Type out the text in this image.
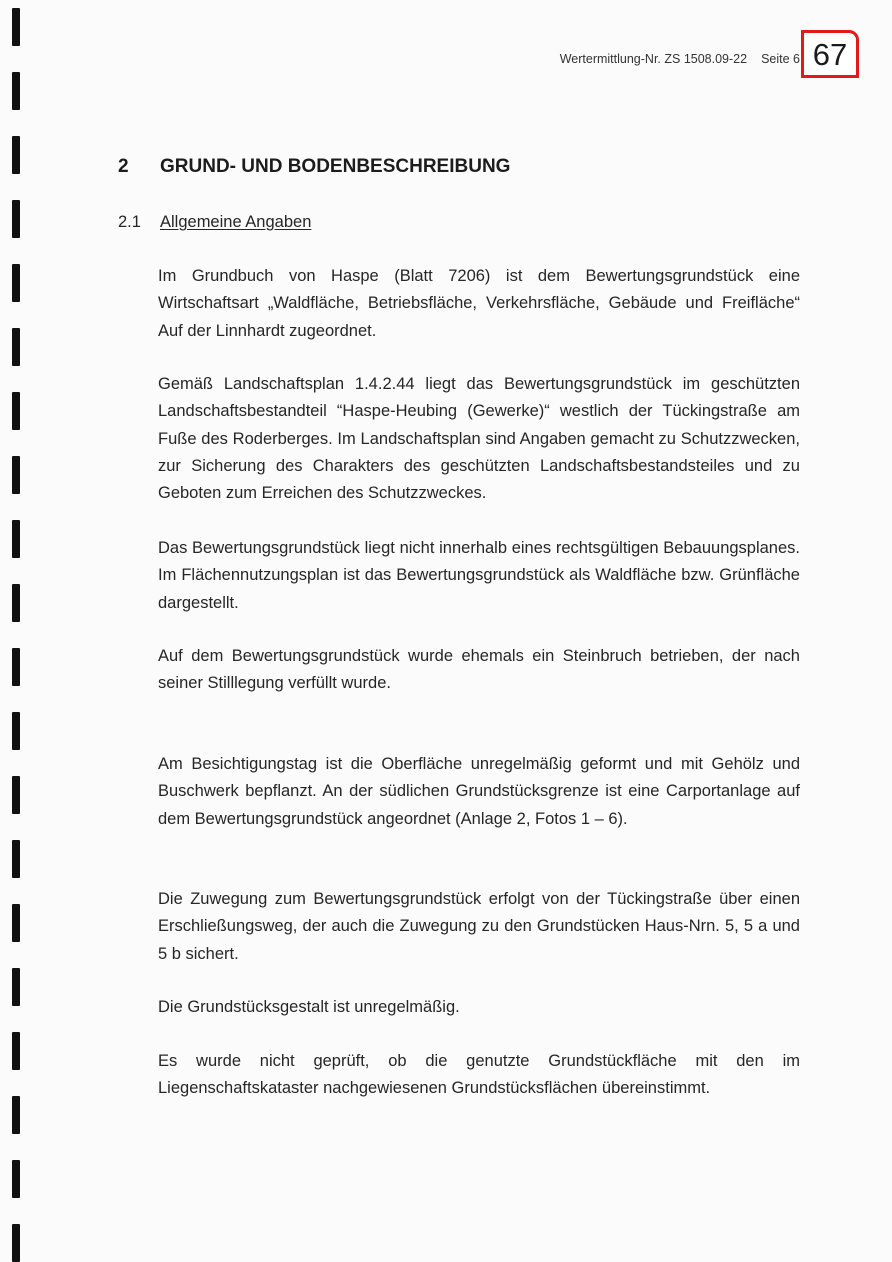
Wertermittlung-Nr. ZS 1508.09-22 Seite 6 67
2 GRUND- UND BODENBESCHREIBUNG
2.1 Allgemeine Angaben

Im Grundbuch von Haspe (Blatt 7206) ist dem Bewertungsgrundstück eine Wirtschaftsart „Waldfläche, Betriebsfläche, Verkehrsfläche, Gebäude und Freifläche“ Auf der Linnhardt zugeordnet.

Gemäß Landschaftsplan 1.4.2.44 liegt das Bewertungsgrundstück im geschützten Landschaftsbestandteil “Haspe-Heubing (Gewerke)“ westlich der Tückingstraße am Fuße des Roderberges. Im Landschaftsplan sind Angaben gemacht zu Schutzzwecken, zur Sicherung des Charakters des geschützten Landschaftsbestandsteiles und zu Geboten zum Erreichen des Schutzzweckes.

Das Bewertungsgrundstück liegt nicht innerhalb eines rechtsgültigen Bebauungsplanes. Im Flächennutzungsplan ist das Bewertungsgrundstück als Waldfläche bzw. Grünfläche dargestellt.

Auf dem Bewertungsgrundstück wurde ehemals ein Steinbruch betrieben, der nach seiner Stilllegung verfüllt wurde.

Am Besichtigungstag ist die Oberfläche unregelmäßig geformt und mit Gehölz und Buschwerk bepflanzt. An der südlichen Grundstücksgrenze ist eine Carportanlage auf dem Bewertungsgrundstück angeordnet (Anlage 2, Fotos 1 – 6).

Die Zuwegung zum Bewertungsgrundstück erfolgt von der Tückingstraße über einen Erschließungsweg, der auch die Zuwegung zu den Grundstücken Haus-Nrn. 5, 5 a und 5 b sichert.

Die Grundstücksgestalt ist unregelmäßig.

Es wurde nicht geprüft, ob die genutzte Grundstückfläche mit den im Liegenschaftskataster nachgewiesenen Grundstücksflächen übereinstimmt.
